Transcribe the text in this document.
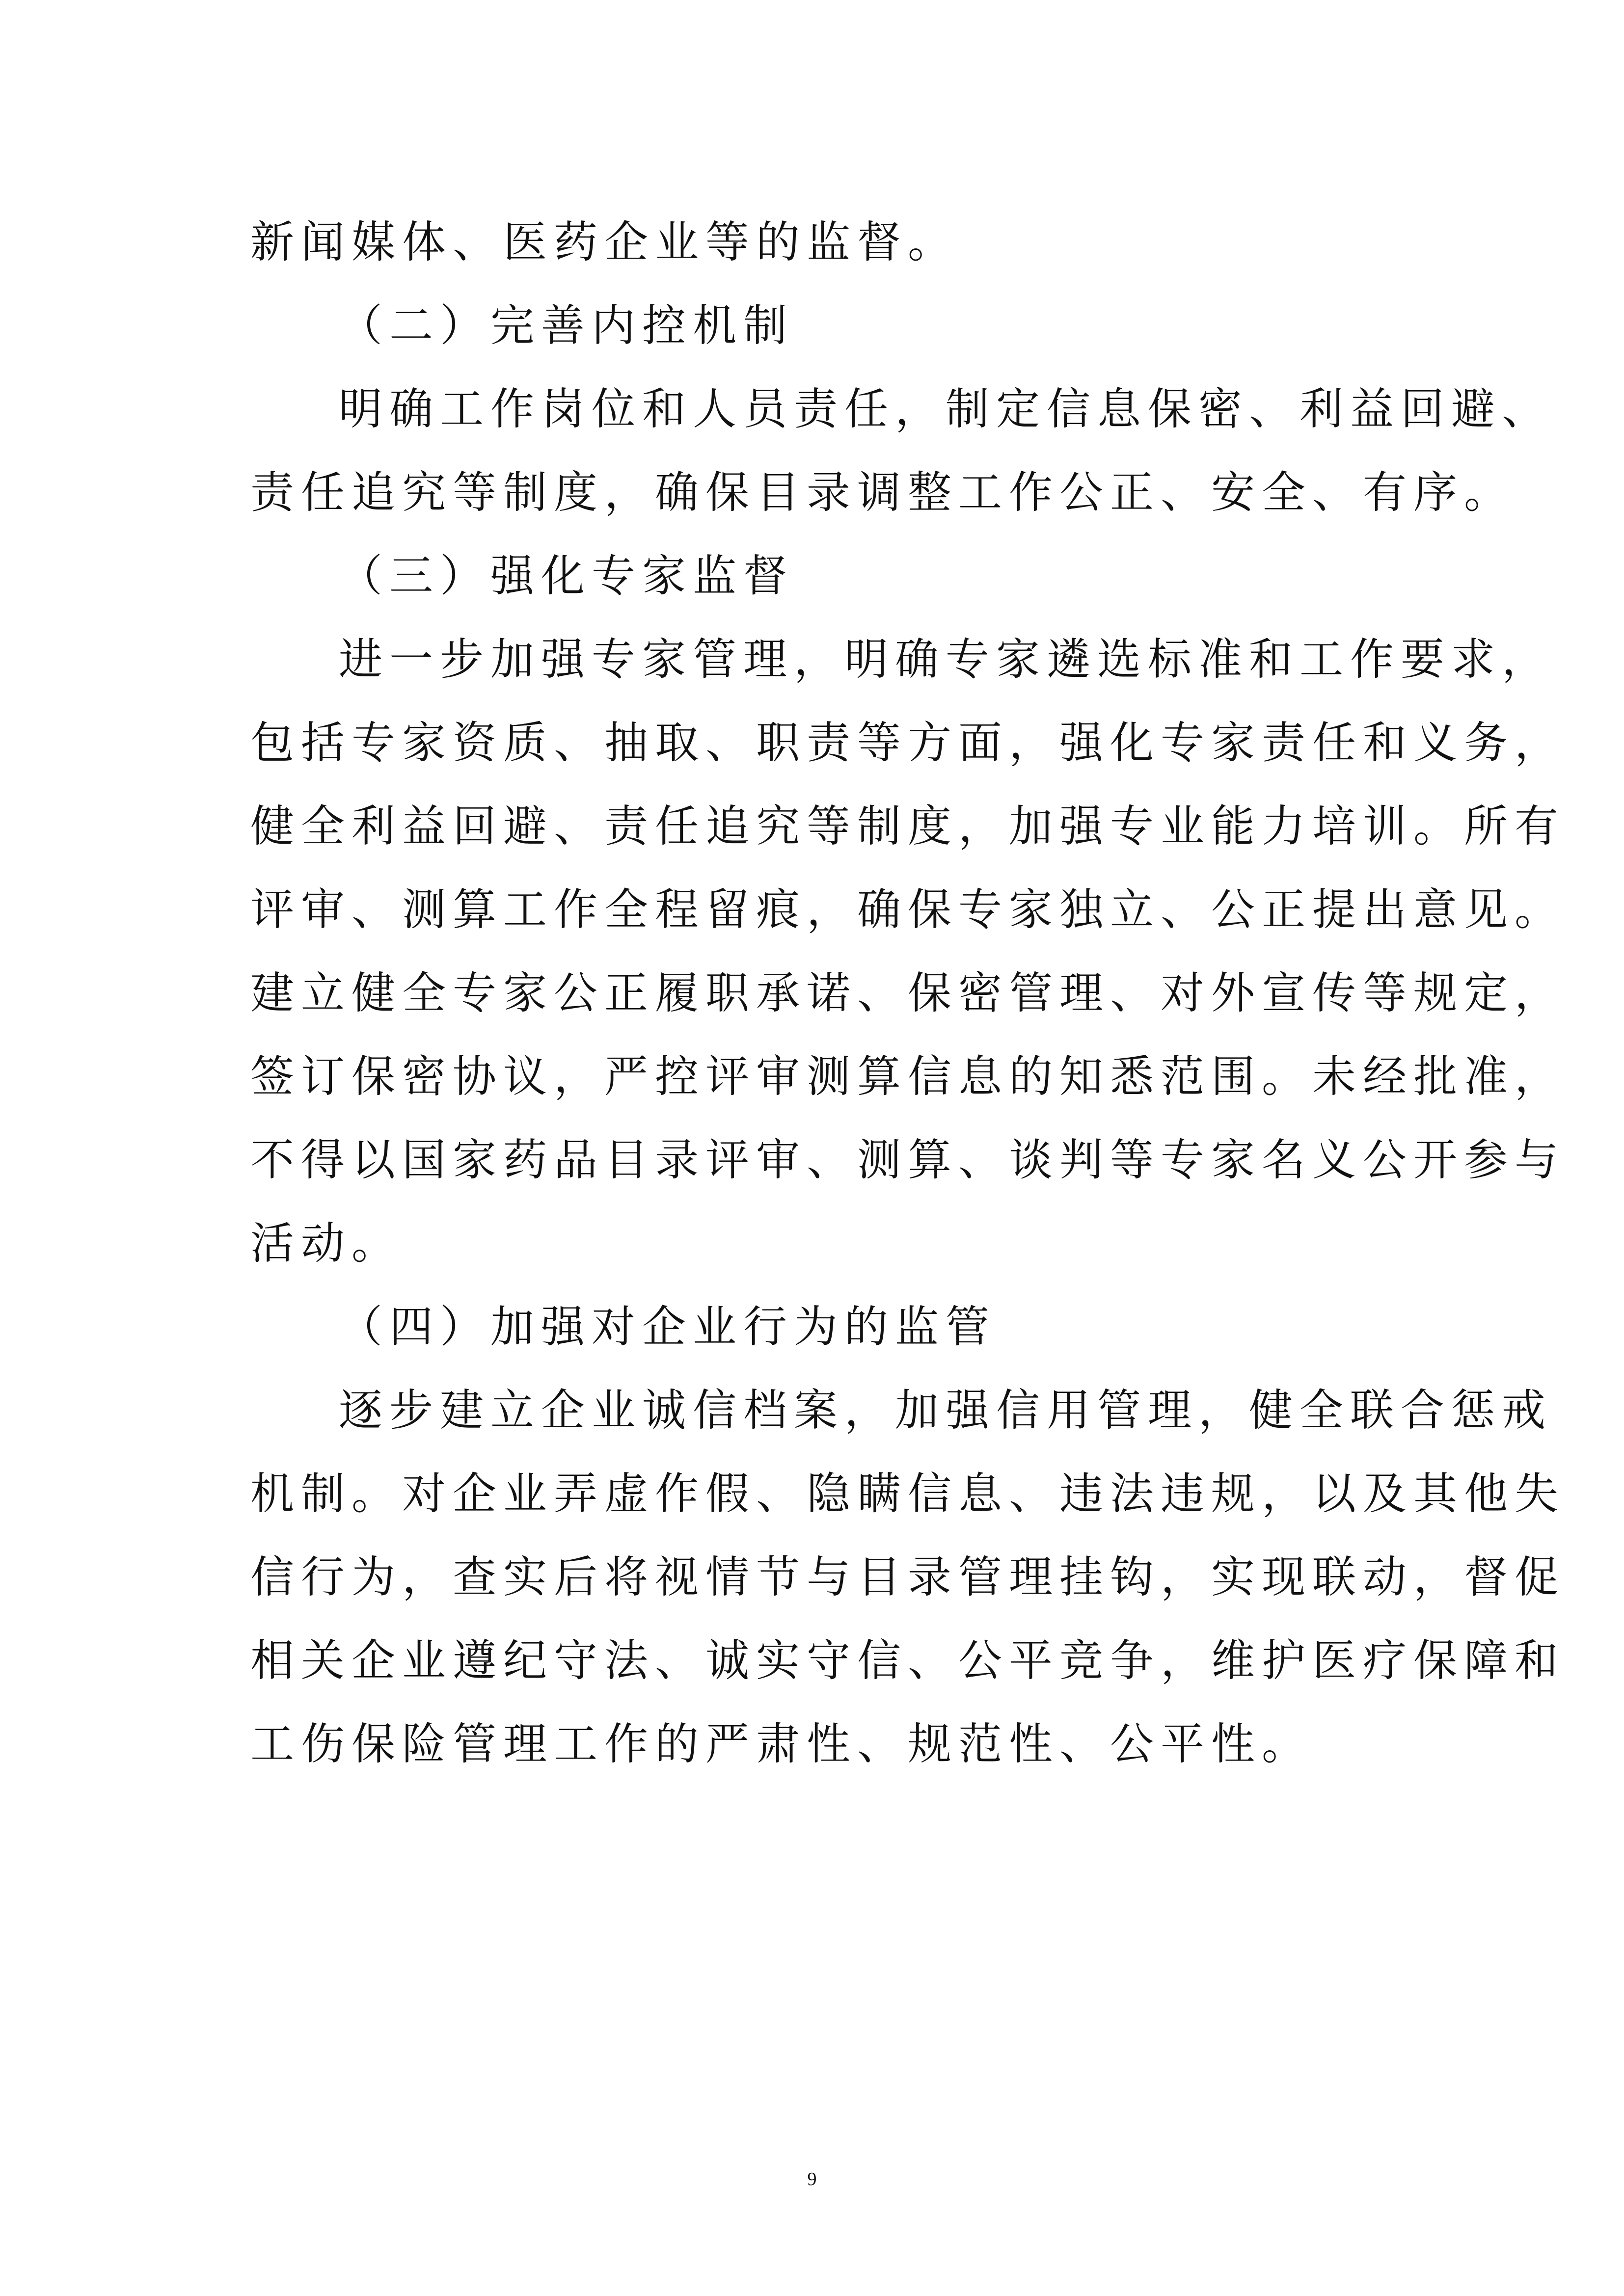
新闻媒体、医药企业等的监督。
（二）完善内控机制
明确工作岗位和人员责任，制定信息保密、利益回避、
责任追究等制度，确保目录调整工作公正、安全、有序。
（三）强化专家监督
进一步加强专家管理，明确专家遴选标准和工作要求，
包括专家资质、抽取、职责等方面，强化专家责任和义务，
健全利益回避、责任追究等制度，加强专业能力培训。所有
评审、测算工作全程留痕，确保专家独立、公正提出意见。
建立健全专家公正履职承诺、保密管理、对外宣传等规定，
签订保密协议，严控评审测算信息的知悉范围。未经批准，
不得以国家药品目录评审、测算、谈判等专家名义公开参与
活动。
（四）加强对企业行为的监管
逐步建立企业诚信档案，加强信用管理，健全联合惩戒
机制。对企业弄虚作假、隐瞒信息、违法违规，以及其他失
信行为，查实后将视情节与目录管理挂钩，实现联动，督促
相关企业遵纪守法、诚实守信、公平竞争，维护医疗保障和
工伤保险管理工作的严肃性、规范性、公平性。
9
